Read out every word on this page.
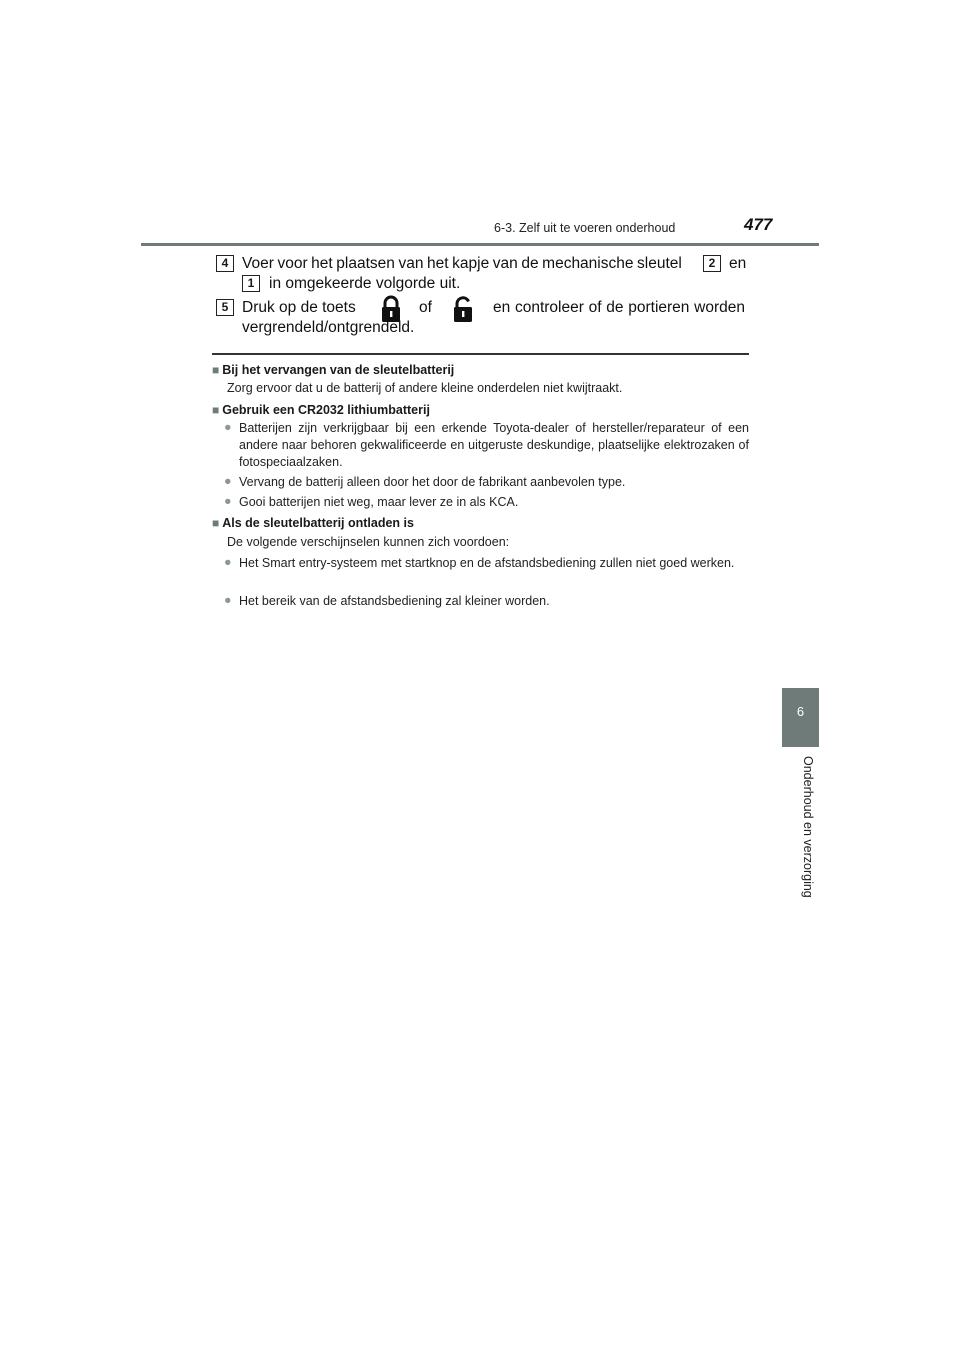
6-3. Zelf uit te voeren onderhoud	477
6
Onderhoud en verzorging
4 Voer voor het plaatsen van het kapje van de mechanische sleutel	2 en
1 in omgekeerde volgorde uit.
5 Druk op de toets	of	en controleer of de portieren worden
vergrendeld/ontgrendeld.
■ Bij het vervangen van de sleutelbatterij
Zorg ervoor dat u de batterij of andere kleine onderdelen niet kwijtraakt.
■ Gebruik een CR2032 lithiumbatterij
● Batterijen zijn verkrijgbaar bij een erkende Toyota-dealer of hersteller/reparateur of een andere naar behoren gekwalificeerde en uitgeruste deskundige, plaatselijke elektrozaken of fotospeciaalzaken.
● Vervang de batterij alleen door het door de fabrikant aanbevolen type.
● Gooi batterijen niet weg, maar lever ze in als KCA.
■ Als de sleutelbatterij ontladen is
De volgende verschijnselen kunnen zich voordoen:
● Het Smart entry-systeem met startknop en de afstandsbediening zullen niet goed werken.
● Het bereik van de afstandsbediening zal kleiner worden.
